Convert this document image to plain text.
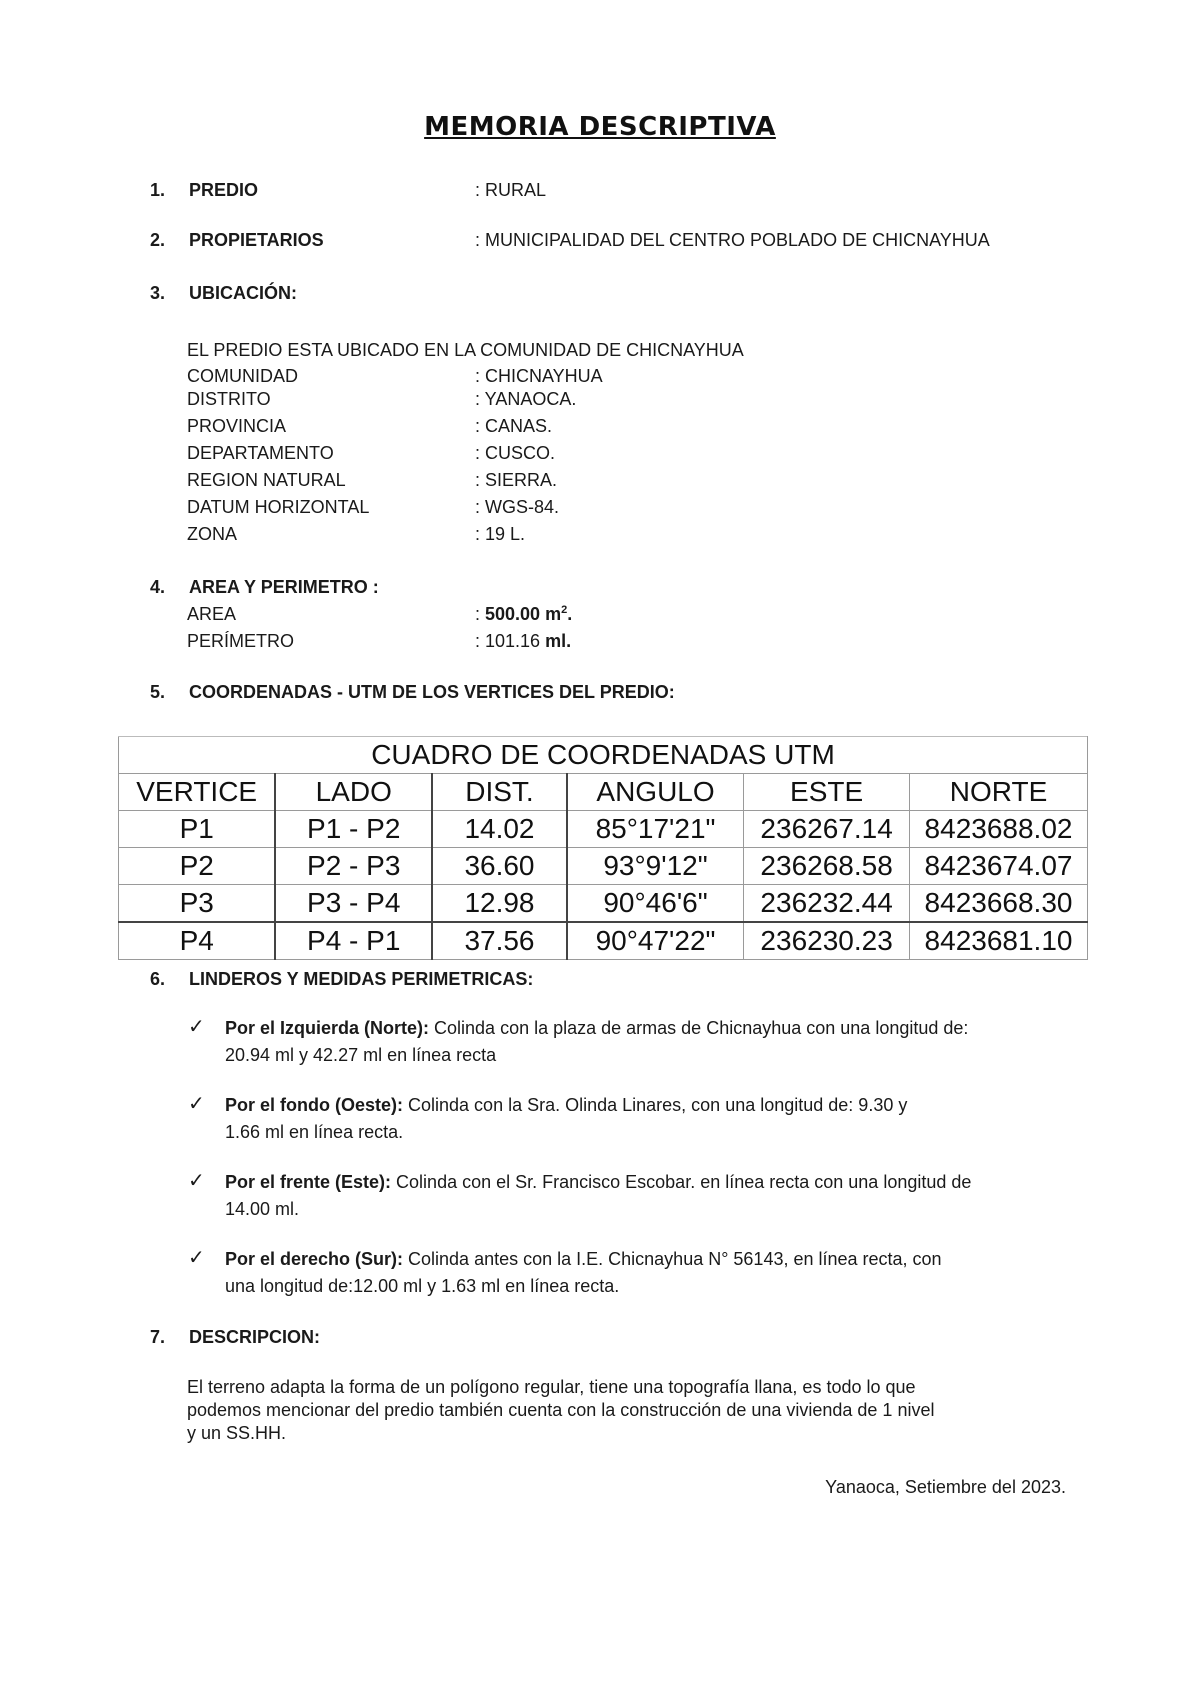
MEMORIA DESCRIPTIVA
1. PREDIO	: RURAL
2. PROPIETARIOS	: MUNICIPALIDAD DEL CENTRO POBLADO DE CHICNAYHUA
3. UBICACIÓN:
EL PREDIO ESTA UBICADO EN LA COMUNIDAD DE CHICNAYHUA
COMUNIDAD	: CHICNAYHUA
DISTRITO	: YANAOCA.
PROVINCIA	: CANAS.
DEPARTAMENTO	: CUSCO.
REGION NATURAL	: SIERRA.
DATUM HORIZONTAL	: WGS-84.
ZONA	: 19 L.
4. AREA Y PERIMETRO :
AREA	: 500.00 $m^2$.
PERÍMETRO	: 101.16 ml.
5. COORDENADAS - UTM DE LOS VERTICES DEL PREDIO:
CUADRO DE COORDENADAS UTM					
VERTICE	LADO	DIST.	ANGULO	ESTE	NORTE
P1	P1 - P2	14.02	85°17'21"	236267.14	8423688.02
P2	P2 - P3	36.60	93°9'12"	236268.58	8423674.07
P3	P3 - P4	12.98	90°46'6"	236232.44	8423668.30
P4	P4 - P1	37.56	90°47'22"	236230.23	8423681.10
6. LINDEROS Y MEDIDAS PERIMETRICAS:
✓ Por el Izquierda (Norte): Colinda con la plaza de armas de Chicnayhua con una longitud de:
20.94 ml y 42.27 ml en línea recta
✓ Por el fondo (Oeste): Colinda con la Sra. Olinda Linares, con una longitud de: 9.30 y
1.66 ml en línea recta.
✓ Por el frente (Este): Colinda con el Sr. Francisco Escobar. en línea recta con una longitud de
14.00 ml.
✓ Por el derecho (Sur): Colinda antes con la I.E. Chicnayhua N° 56143, en línea recta, con
una longitud de:12.00 ml y 1.63 ml en línea recta.
7. DESCRIPCION:
El terreno adapta la forma de un polígono regular, tiene una topografía llana, es todo lo que
podemos mencionar del predio también cuenta con la construcción de una vivienda de 1 nivel
y un SS.HH.
Yanaoca, Setiembre del 2023.
